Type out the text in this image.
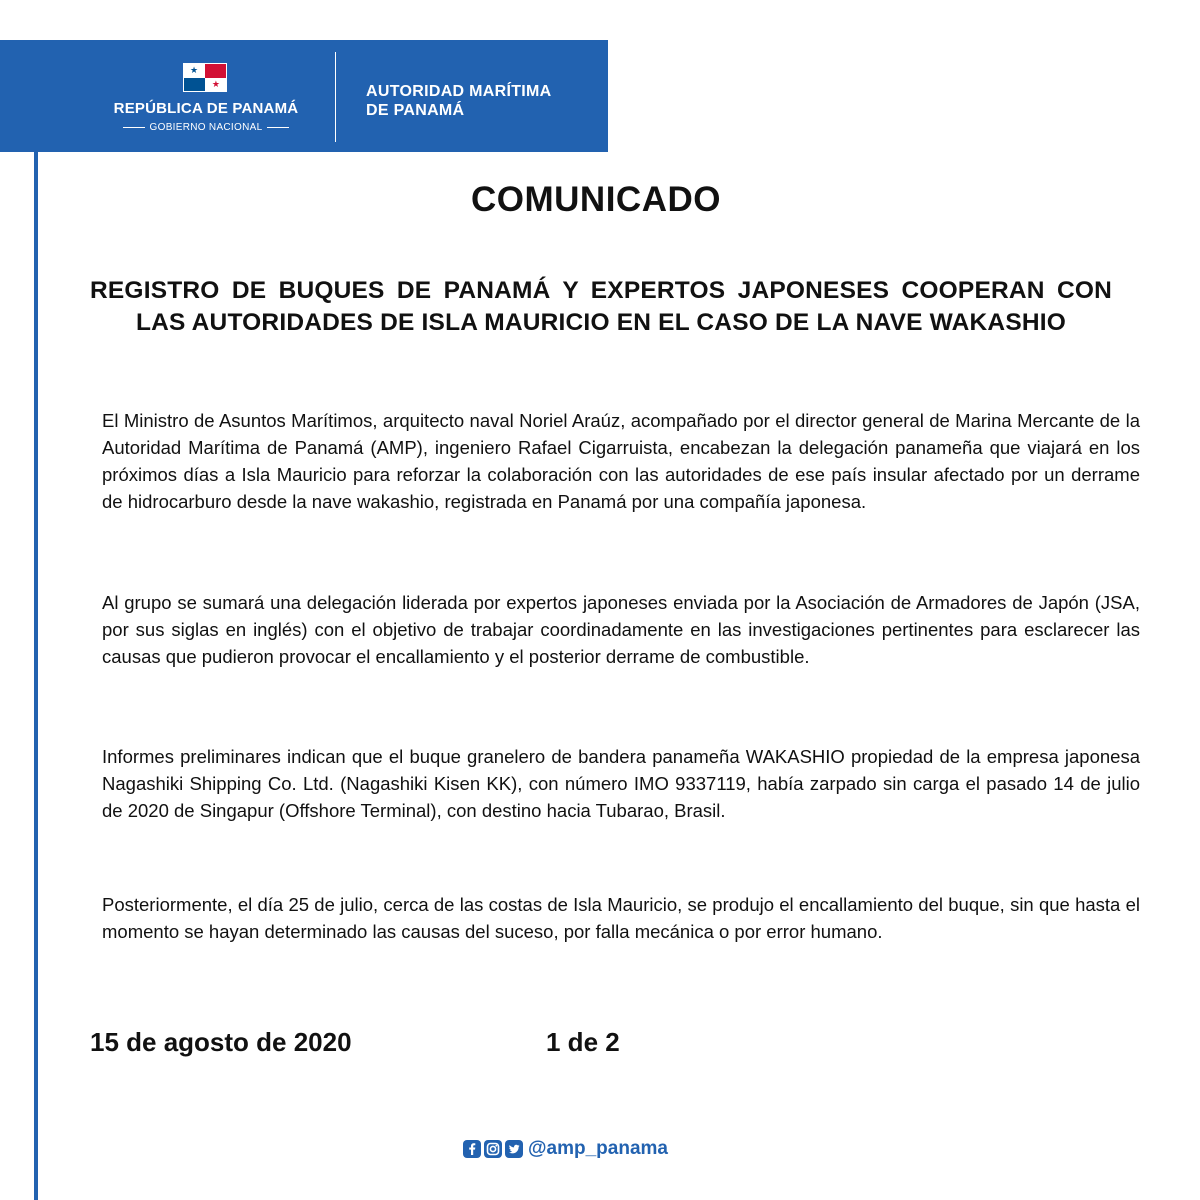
★
★
REPÚBLICA DE PANAMÁ
GOBIERNO NACIONAL
AUTORIDAD MARÍTIMA
DE PANAMÁ
COMUNICADO
REGISTRO DE BUQUES DE PANAMÁ Y EXPERTOS JAPONESES COOPERAN CON LAS AUTORIDADES DE ISLA MAURICIO EN EL CASO DE LA NAVE WAKASHIO
El Ministro de Asuntos Marítimos, arquitecto naval Noriel Araúz, acompañado por el director general de Marina Mercante de la Autoridad Marítima de Panamá (AMP), ingeniero Rafael Cigarruista, encabezan la delegación panameña que viajará en los próximos días a Isla Mauricio para reforzar la colaboración con las autoridades de ese país insular afectado por un derrame de hidrocarburo desde la nave wakashio, registrada en Panamá por una compañía japonesa.
Al grupo se sumará una delegación liderada por expertos japoneses enviada por la Asociación de Armadores de Japón (JSA, por sus siglas en inglés) con el objetivo de trabajar coordinadamente en las investigaciones pertinentes para esclarecer las causas que pudieron provocar el encallamiento y el posterior derrame de combustible.
Informes preliminares indican que el buque granelero de bandera panameña WAKASHIO propiedad de la empresa japonesa Nagashiki Shipping Co. Ltd. (Nagashiki Kisen KK), con número IMO 9337119, había zarpado sin carga el pasado 14 de julio de 2020 de Singapur (Offshore Terminal), con destino hacia Tubarao, Brasil.
Posteriormente, el día 25 de julio, cerca de las costas de Isla Mauricio, se produjo el encallamiento del buque, sin que hasta el momento se hayan determinado las causas del suceso, por falla mecánica o por error humano.
15 de agosto de 2020	1 de 2
@amp_panama
